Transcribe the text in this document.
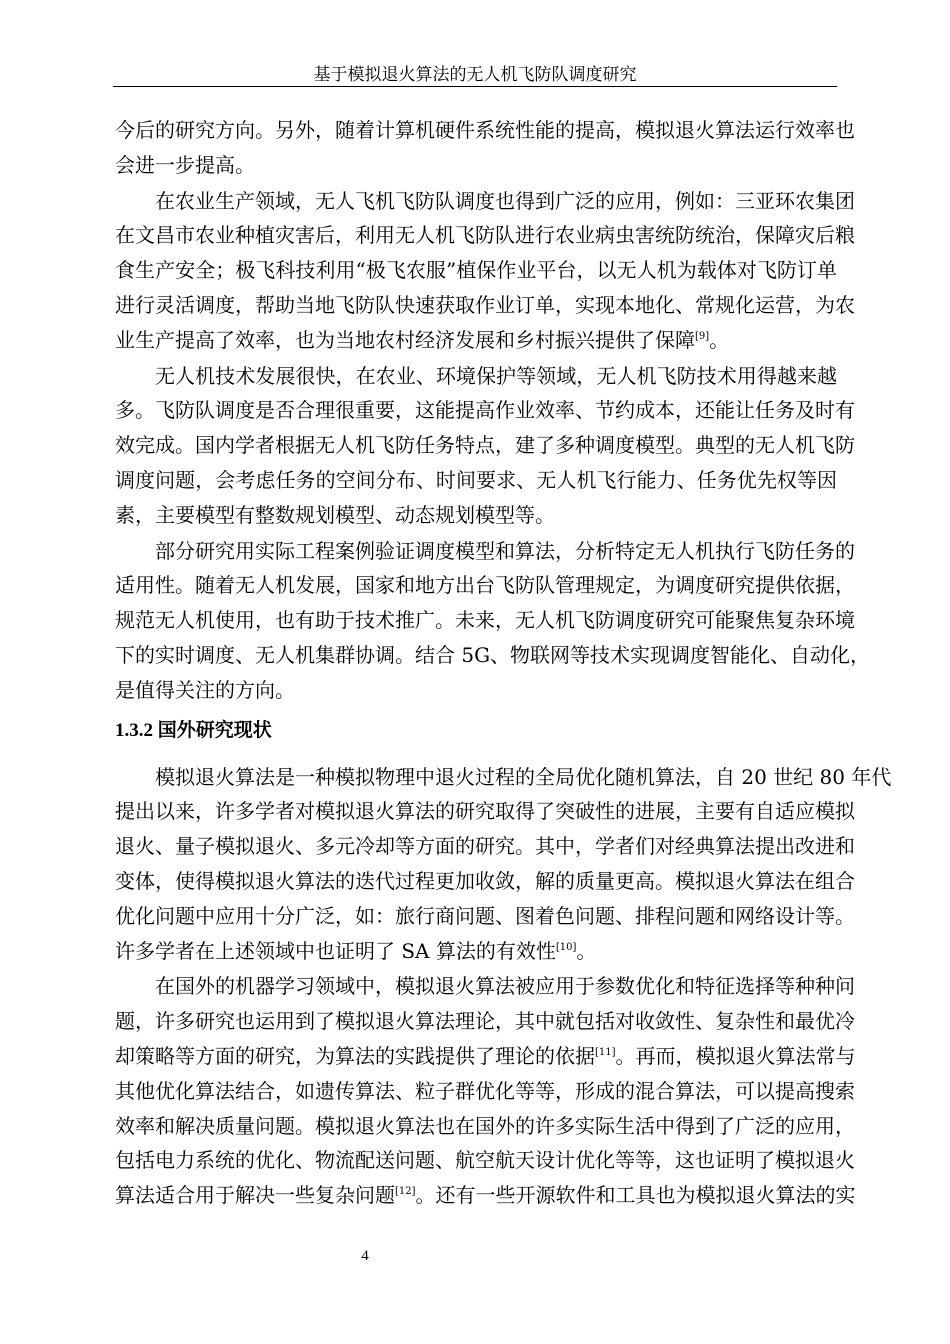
基于模拟退火算法的无人机飞防队调度研究
今后的研究方向。另外，随着计算机硬件系统性能的提高，模拟退火算法运行效率也
会进一步提高。
在农业生产领域，无人飞机飞防队调度也得到广泛的应用，例如：三亚环农集团
在文昌市农业种植灾害后，利用无人机飞防队进行农业病虫害统防统治，保障灾后粮
食生产安全；极飞科技利用“极飞农服”植保作业平台，以无人机为载体对飞防订单
进行灵活调度，帮助当地飞防队快速获取作业订单，实现本地化、常规化运营，为农
业生产提高了效率，也为当地农村经济发展和乡村振兴提供了保障[9]。
无人机技术发展很快，在农业、环境保护等领域，无人机飞防技术用得越来越
多。飞防队调度是否合理很重要，这能提高作业效率、节约成本，还能让任务及时有
效完成。国内学者根据无人机飞防任务特点，建了多种调度模型。典型的无人机飞防
调度问题，会考虑任务的空间分布、时间要求、无人机飞行能力、任务优先权等因
素，主要模型有整数规划模型、动态规划模型等。
部分研究用实际工程案例验证调度模型和算法，分析特定无人机执行飞防任务的
适用性。随着无人机发展，国家和地方出台飞防队管理规定，为调度研究提供依据，
规范无人机使用，也有助于技术推广。未来，无人机飞防调度研究可能聚焦复杂环境
下的实时调度、无人机集群协调。结合 5G、物联网等技术实现调度智能化、自动化，
是值得关注的方向。
1.3.2 国外研究现状
模拟退火算法是一种模拟物理中退火过程的全局优化随机算法，自 20 世纪 80 年代
提出以来，许多学者对模拟退火算法的研究取得了突破性的进展，主要有自适应模拟
退火、量子模拟退火、多元冷却等方面的研究。其中，学者们对经典算法提出改进和
变体，使得模拟退火算法的迭代过程更加收敛，解的质量更高。模拟退火算法在组合
优化问题中应用十分广泛，如：旅行商问题、图着色问题、排程问题和网络设计等。
许多学者在上述领域中也证明了 SA 算法的有效性[10]。
在国外的机器学习领域中，模拟退火算法被应用于参数优化和特征选择等种种问
题，许多研究也运用到了模拟退火算法理论，其中就包括对收敛性、复杂性和最优冷
却策略等方面的研究，为算法的实践提供了理论的依据[11]。再而，模拟退火算法常与
其他优化算法结合，如遗传算法、粒子群优化等等，形成的混合算法，可以提高搜索
效率和解决质量问题。模拟退火算法也在国外的许多实际生活中得到了广泛的应用，
包括电力系统的优化、物流配送问题、航空航天设计优化等等，这也证明了模拟退火
算法适合用于解决一些复杂问题[12]。还有一些开源软件和工具也为模拟退火算法的实
4
